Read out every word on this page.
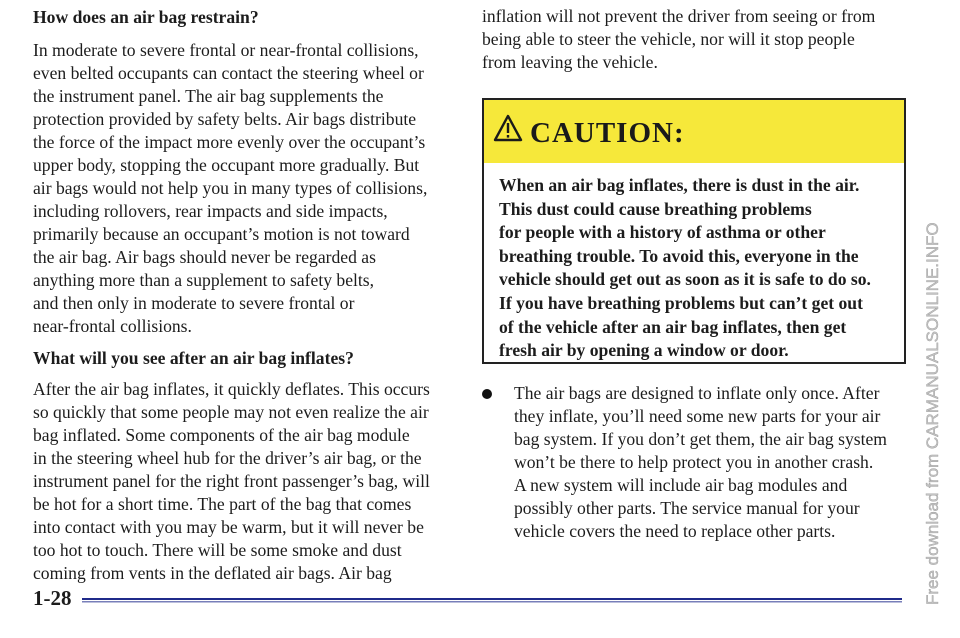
How does an air bag restrain?

In moderate to severe frontal or near-frontal collisions,
even belted occupants can contact the steering wheel or
the instrument panel. The air bag supplements the
protection provided by safety belts. Air bags distribute
the force of the impact more evenly over the occupant’s
upper body, stopping the occupant more gradually. But
air bags would not help you in many types of collisions,
including rollovers, rear impacts and side impacts,
primarily because an occupant’s motion is not toward
the air bag. Air bags should never be regarded as
anything more than a supplement to safety belts,
and then only in moderate to severe frontal or
near-frontal collisions.

What will you see after an air bag inflates?

After the air bag inflates, it quickly deflates. This occurs
so quickly that some people may not even realize the air
bag inflated. Some components of the air bag module
in the steering wheel hub for the driver’s air bag, or the
instrument panel for the right front passenger’s bag, will
be hot for a short time. The part of the bag that comes
into contact with you may be warm, but it will never be
too hot to touch. There will be some smoke and dust
coming from vents in the deflated air bags. Air bag

inflation will not prevent the driver from seeing or from
being able to steer the vehicle, nor will it stop people
from leaving the vehicle.

CAUTION:
When an air bag inflates, there is dust in the air.
This dust could cause breathing problems
for people with a history of asthma or other
breathing trouble. To avoid this, everyone in the
vehicle should get out as soon as it is safe to do so.
If you have breathing problems but can’t get out
of the vehicle after an air bag inflates, then get
fresh air by opening a window or door.
The air bags are designed to inflate only once. After
they inflate, you’ll need some new parts for your air
bag system. If you don’t get them, the air bag system
won’t be there to help protect you in another crash.
A new system will include air bag modules and
possibly other parts. The service manual for your
vehicle covers the need to replace other parts.
1-28	Free download from CARMANUALSONLINE.INFO
